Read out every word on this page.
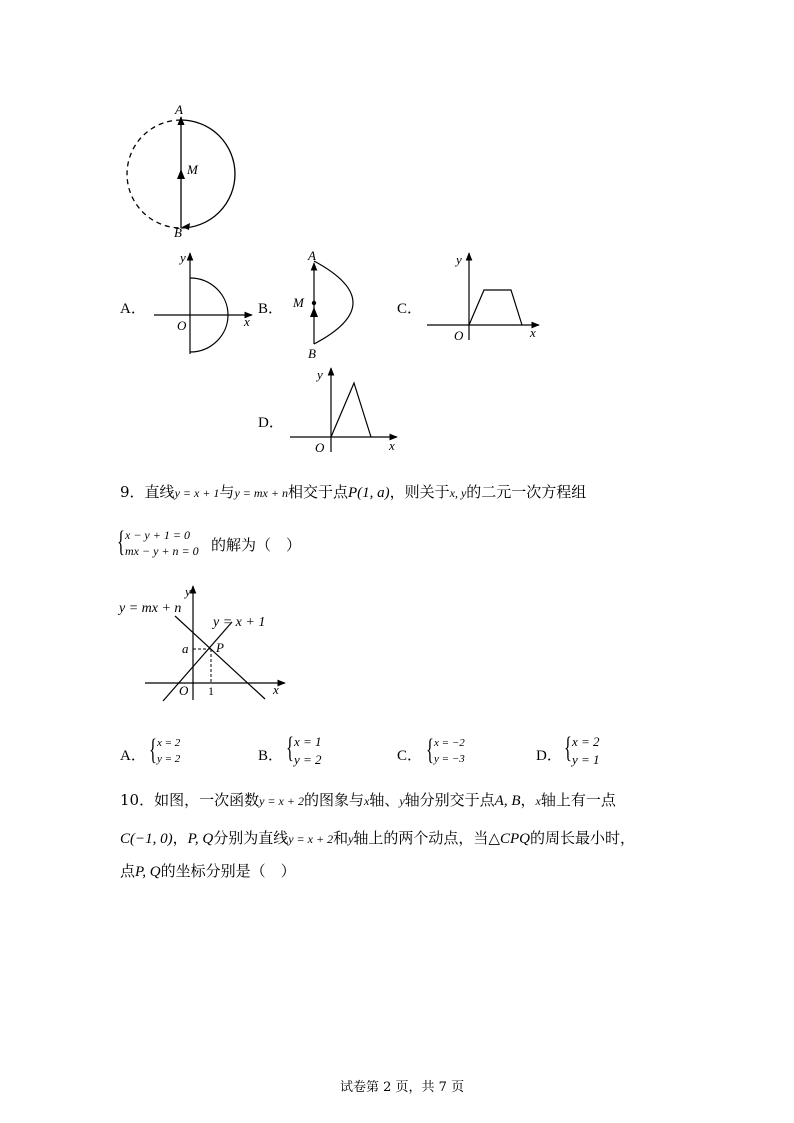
A
M
B
A．
y
x
O
B．
A
M
B
C．
y
x
O
D．
y
x
O
9．直线y = x + 1与y = mx + n相交于点P(1, a)，则关于x, y的二元一次方程组
{ x − y + 1 = 0
mx − y + n = 0 的解为（　）
y = mx + n
y = x + 1
y
x
O
a
1
P
A． { x = 2
y = 2	B． { x = 1
y = 2	C． { x = −2
y = −3	D． { x = 2
y = 1
10．如图，一次函数y = x + 2的图象与x轴、y轴分别交于点A, B，x轴上有一点
C(−1, 0)，P, Q分别为直线y = x + 2和y轴上的两个动点，当△CPQ的周长最小时，
点P, Q的坐标分别是（　）
试卷第 2 页，共 7 页
